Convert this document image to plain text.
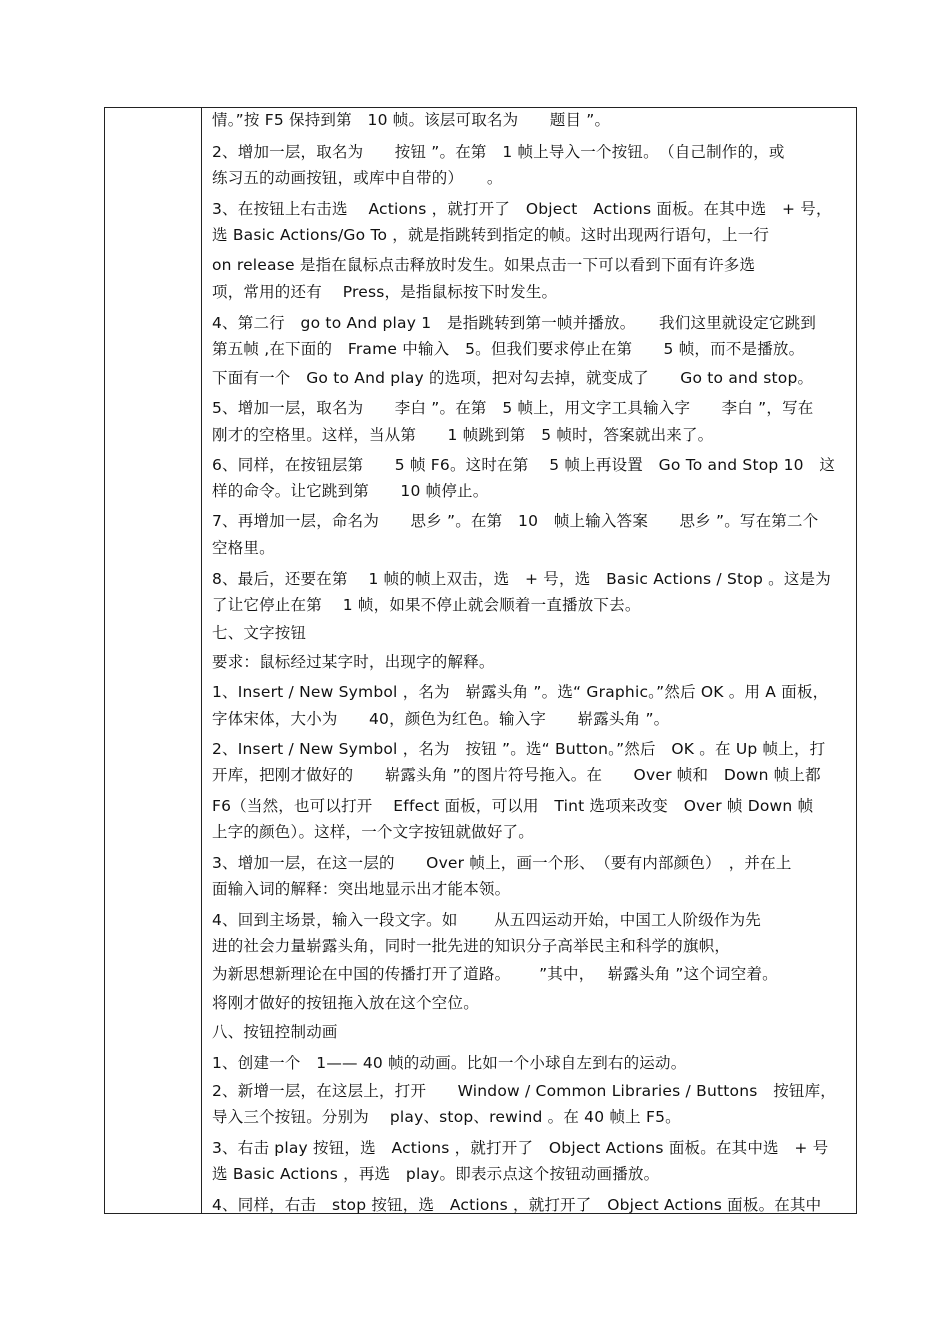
情。”按 F5 保持到第　10 帧。该层可取名为　　题目 ”。
2、增加一层，取名为　　按钮 ”。在第　1 帧上导入一个按钮。　（自己制作的，或
练习五的动画按钮，或库中自带的）　　。
3、在按钮上右击选　 Actions ，就打开了　Object　Actions 面板。在其中选　+ 号，
选 Basic Actions/Go To ，就是指跳转到指定的帧。这时出现两行语句，上一行
on release 是指在鼠标点击释放时发生。如果点击一下可以看到下面有许多选
项，常用的还有　 Press，是指鼠标按下时发生。
4、第二行　go to And play 1　是指跳转到第一帧并播放。　　我们这里就设定它跳到
第五帧 ,在下面的　Frame 中输入　5。但我们要求停止在第　　5 帧，而不是播放。
下面有一个　Go to And play 的选项，把对勾去掉，就变成了　　Go to and stop。
5、增加一层，取名为　　李白 ”。在第　5 帧上，用文字工具输入字　　李白 ”，写在
刚才的空格里。这样，当从第　　1 帧跳到第　5 帧时，答案就出来了。
6、同样，在按钮层第　　5 帧 F6。这时在第　 5 帧上再设置　Go To and Stop 10　这
样的命令。让它跳到第　　10 帧停止。
7、再增加一层，命名为　　思乡 ”。在第　10　帧上输入答案　　思乡 ”。写在第二个
空格里。
8、最后，还要在第　 1 帧的帧上双击，选　+ 号，选　Basic Actions / Stop 。这是为
了让它停止在第　 1 帧，如果不停止就会顺着一直播放下去。
七、文字按钮
要求：鼠标经过某字时，出现字的解释。
1、Insert / New Symbol ，名为　崭露头角 ”。选“ Graphic。”然后 OK 。用 A 面板，
字体宋体，大小为　　40，颜色为红色。输入字　　崭露头角 ”。
2、Insert / New Symbol ，名为　按钮 ”。选“ Button。”然后　OK 。在 Up 帧上，打
开库，把刚才做好的　　崭露头角 ”的图片符号拖入。在　　Over 帧和　Down 帧上都
F6（当然，也可以打开　 Effect 面板，可以用　Tint 选项来改变　Over 帧 Down 帧
上字的颜色）。这样，一个文字按钮就做好了。
3、增加一层，在这一层的　　Over 帧上，画一个形、　（要有内部颜色）　，并在上
面输入词的解释：突出地显示出才能本领。
4、回到主场景，输入一段文字。如　　 从五四运动开始，中国工人阶级作为先
进的社会力量崭露头角，同时一批先进的知识分子高举民主和科学的旗帜，
为新思想新理论在中国的传播打开了道路。　　 ”其中，　 崭露头角 ”这个词空着。
将刚才做好的按钮拖入放在这个空位。
八、按钮控制动画
1、创建一个　1—— 40 帧的动画。比如一个小球自左到右的运动。
2、新增一层，在这层上，打开　　Window / Common Libraries / Buttons　按钮库，
导入三个按钮。分别为　 play、stop、rewind 。在 40 帧上 F5。
3、右击 play 按钮，选　Actions ，就打开了　Object Actions 面板。在其中选　+ 号
选 Basic Actions ，再选　play。即表示点这个按钮动画播放。
4、同样，右击　stop 按钮，选　Actions ，就打开了　Object Actions 面板。在其中
